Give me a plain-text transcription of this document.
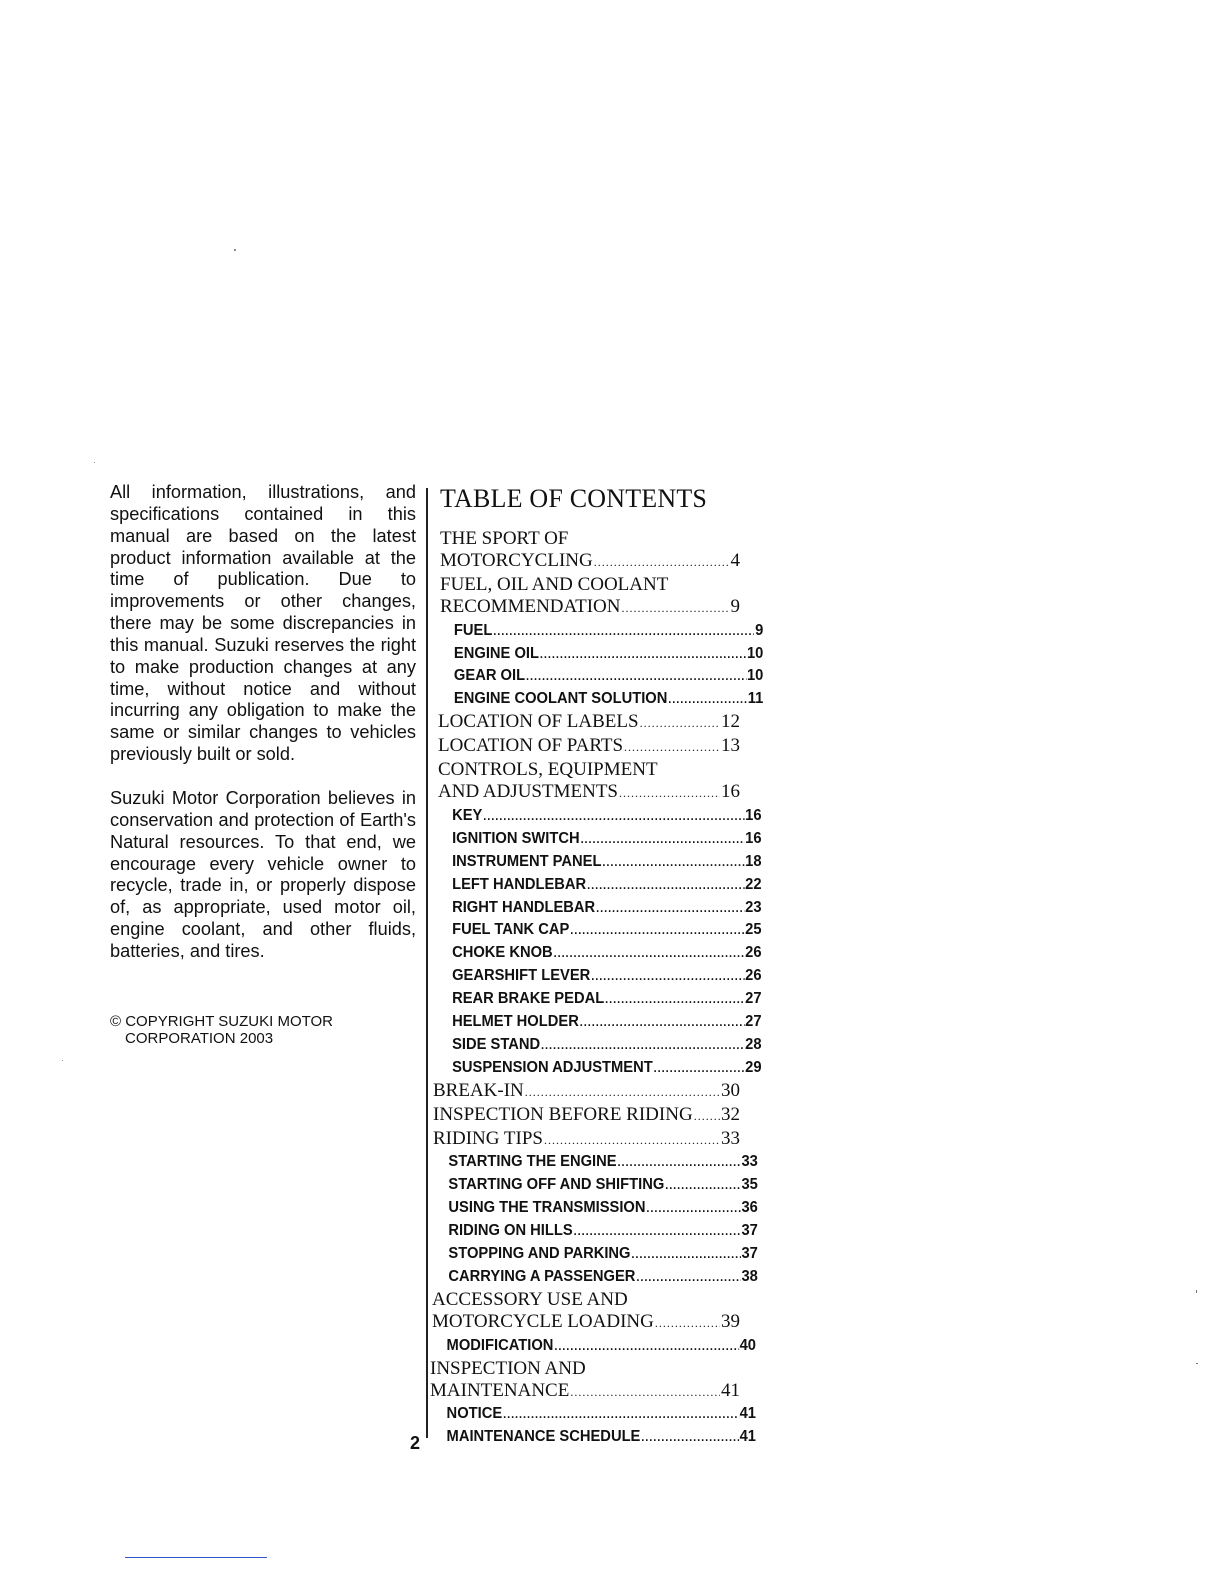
All information, illustrations, and specifications contained in this manual are based on the latest product information available at the time of publication. Due to improvements or other changes, there may be some discrepancies in this manual. Suzuki reserves the right to make production changes at any time, without notice and without incurring any obligation to make the same or similar changes to vehicles previously built or sold.

Suzuki Motor Corporation believes in conservation and protection of Earth's Natural resources. To that end, we encourage every vehicle owner to recycle, trade in, or properly dispose of, as appropriate, used motor oil, engine coolant, and other fluids, batteries, and tires.

© COPYRIGHT SUZUKI MOTOR CORPORATION 2003

TABLE OF CONTENTS
THE SPORT OF
MOTORCYCLING .....	4
FUEL, OIL AND COOLANT
RECOMMENDATION .....	9
FUEL .....	9
ENGINE OIL .....	10
GEAR OIL .....	10
ENGINE COOLANT SOLUTION .....	11
LOCATION OF LABELS .....	12
LOCATION OF PARTS .....	13
CONTROLS, EQUIPMENT
AND ADJUSTMENTS .....	16
KEY .....	16
IGNITION SWITCH .....	16
INSTRUMENT PANEL .....	18
LEFT HANDLEBAR .....	22
RIGHT HANDLEBAR .....	23
FUEL TANK CAP .....	25
CHOKE KNOB .....	26
GEARSHIFT LEVER .....	26
REAR BRAKE PEDAL .....	27
HELMET HOLDER .....	27
SIDE STAND .....	28
SUSPENSION ADJUSTMENT .....	29
BREAK-IN .....	30
INSPECTION BEFORE RIDING ..... 32
RIDING TIPS .....	33
STARTING THE ENGINE .....	33
STARTING OFF AND SHIFTING .....	35
USING THE TRANSMISSION .....	36
RIDING ON HILLS .....	37
STOPPING AND PARKING .....	37
CARRYING A PASSENGER .....	38
ACCESSORY USE AND
MOTORCYCLE LOADING .....	39
MODIFICATION .....	40
INSPECTION AND
MAINTENANCE .....	41
NOTICE .....	41
MAINTENANCE SCHEDULE .....	41
2
